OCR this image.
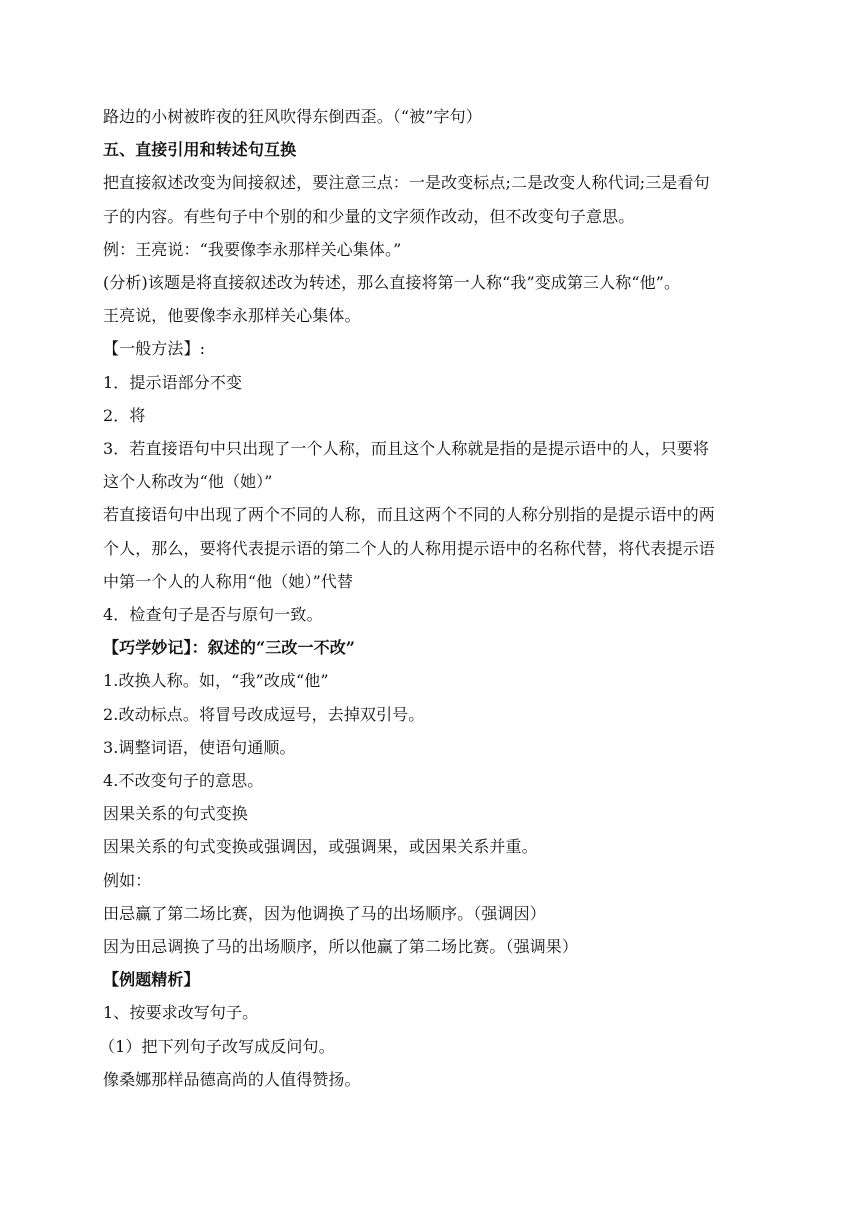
路边的小树被昨夜的狂风吹得东倒西歪。（“被”字句）
五、直接引用和转述句互换
把直接叙述改变为间接叙述，要注意三点：一是改变标点;二是改变人称代词;三是看句
子的内容。有些句子中个别的和少量的文字须作改动，但不改变句子意思。
例：王亮说：“我要像李永那样关心集体。”
(分析)该题是将直接叙述改为转述，那么直接将第一人称“我”变成第三人称“他”。
王亮说，他要像李永那样关心集体。
【一般方法】:
1．提示语部分不变
2．将
3．若直接语句中只出现了一个人称，而且这个人称就是指的是提示语中的人，只要将
这个人称改为“他（她）”
若直接语句中出现了两个不同的人称，而且这两个不同的人称分别指的是提示语中的两
个人，那么，要将代表提示语的第二个人的人称用提示语中的名称代替，将代表提示语
中第一个人的人称用“他（她）”代替
4．检查句子是否与原句一致。
【巧学妙记】：叙述的“三改一不改”
1.改换人称。如，“我”改成“他”
2.改动标点。将冒号改成逗号，去掉双引号。
3.调整词语，使语句通顺。
4.不改变句子的意思。
因果关系的句式变换
因果关系的句式变换或强调因，或强调果，或因果关系并重。
例如：
田忌赢了第二场比赛，因为他调换了马的出场顺序。（强调因）
因为田忌调换了马的出场顺序，所以他赢了第二场比赛。（强调果）
【例题精析】
1、按要求改写句子。
（1）把下列句子改写成反问句。
像桑娜那样品德高尚的人值得赞扬。
